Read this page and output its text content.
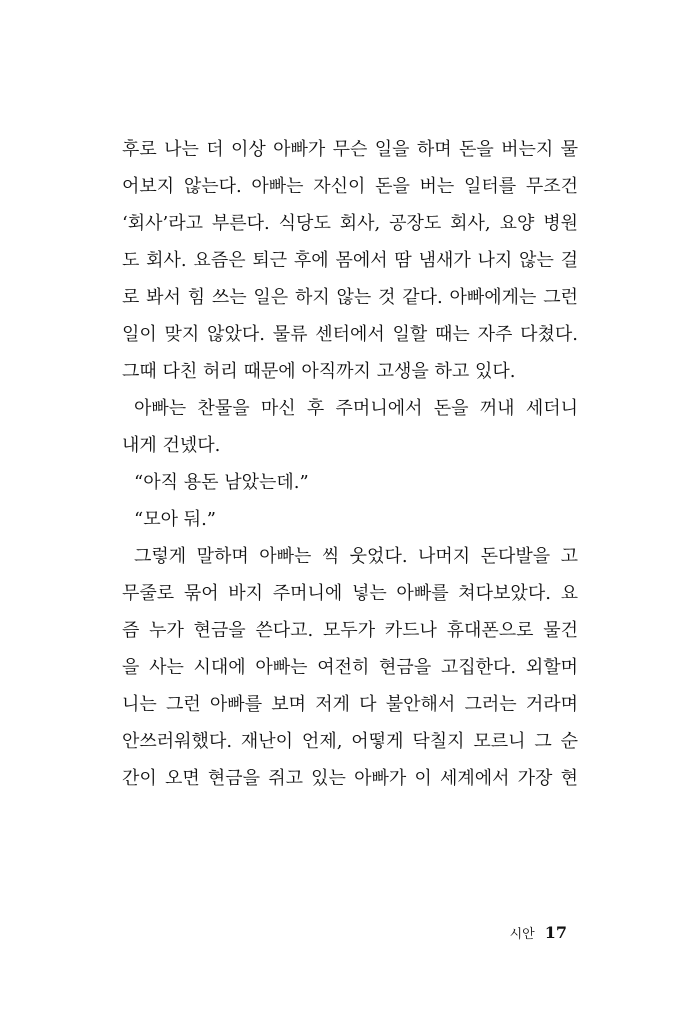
후로 나는 더 이상 아빠가 무슨 일을 하며 돈을 버는지 물
어보지 않는다. 아빠는 자신이 돈을 버는 일터를 무조건
‘회사’라고 부른다. 식당도 회사, 공장도 회사, 요양 병원
도 회사. 요즘은 퇴근 후에 몸에서 땀 냄새가 나지 않는 걸
로 봐서 힘 쓰는 일은 하지 않는 것 같다. 아빠에게는 그런
일이 맞지 않았다. 물류 센터에서 일할 때는 자주 다쳤다.
그때 다친 허리 때문에 아직까지 고생을 하고 있다.
아빠는 찬물을 마신 후 주머니에서 돈을 꺼내 세더니
내게 건넸다.
“아직 용돈 남았는데.”
“모아 둬.”
그렇게 말하며 아빠는 씩 웃었다. 나머지 돈다발을 고
무줄로 묶어 바지 주머니에 넣는 아빠를 쳐다보았다. 요
즘 누가 현금을 쓴다고. 모두가 카드나 휴대폰으로 물건
을 사는 시대에 아빠는 여전히 현금을 고집한다. 외할머
니는 그런 아빠를 보며 저게 다 불안해서 그러는 거라며
안쓰러워했다. 재난이 언제, 어떻게 닥칠지 모르니 그 순
간이 오면 현금을 쥐고 있는 아빠가 이 세계에서 가장 현
시안 17
